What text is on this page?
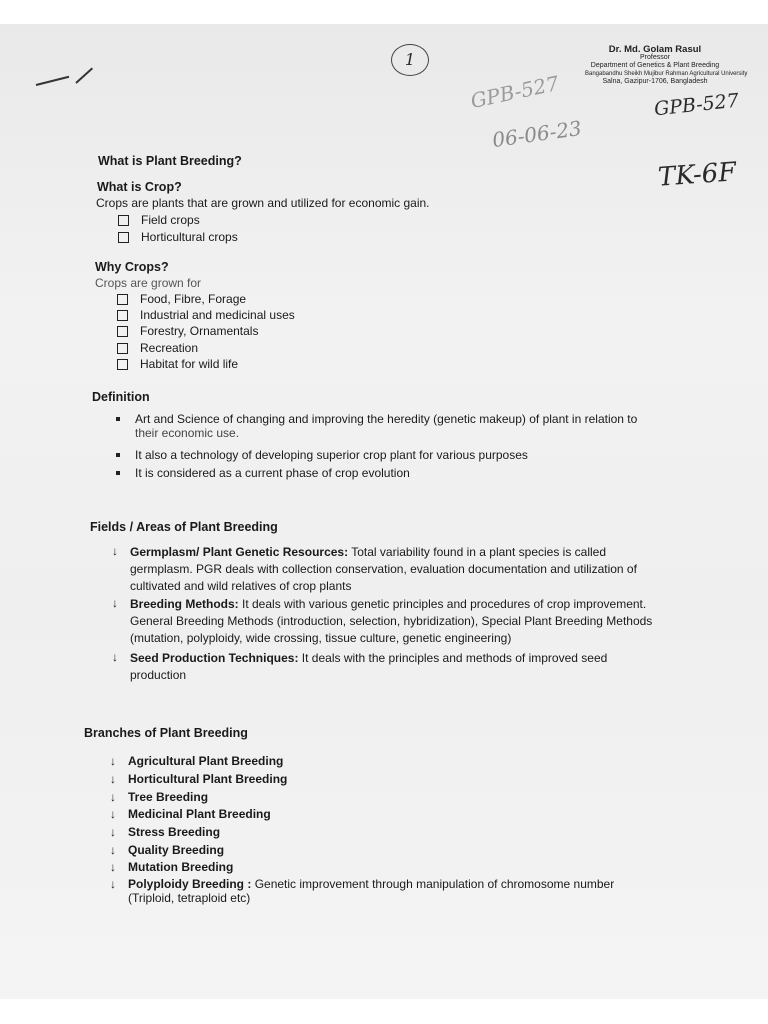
1
GPB-527
06-06-23
GPB-527
TK-6F
Dr. Md. Golam Rasul
Professor
Department of Genetics & Plant Breeding
Bangabandhu Sheikh Mujibur Rahman Agricultural University
Salna, Gazipur-1706, Bangladesh
What is Plant Breeding?
What is Crop?

Crops are plants that are grown and utilized for economic gain.

Field crops
Horticultural crops
Why Crops?

Crops are grown for

Food, Fibre, Forage
Industrial and medicinal uses
Forestry, Ornamentals
Recreation
Habitat for wild life
Definition
Art and Science of changing and improving the heredity (genetic makeup) of plant in relation to
their economic use.
It also a technology of developing superior crop plant for various purposes
It is considered as a current phase of crop evolution
Fields / Areas of Plant Breeding
↓	Germplasm/ Plant Genetic Resources: Total variability found in a plant species is called germplasm. PGR deals with collection conservation, evaluation documentation and utilization of cultivated and wild relatives of crop plants
↓	Breeding Methods: It deals with various genetic principles and procedures of crop improvement. General Breeding Methods (introduction, selection, hybridization), Special Plant Breeding Methods (mutation, polyploidy, wide crossing, tissue culture, genetic engineering)
↓	Seed Production Techniques: It deals with the principles and methods of improved seed production
Branches of Plant Breeding
↓	Agricultural Plant Breeding
↓	Horticultural Plant Breeding
↓	Tree Breeding
↓	Medicinal Plant Breeding
↓	Stress Breeding
↓	Quality Breeding
↓	Mutation Breeding
↓	Polyploidy Breeding : Genetic improvement through manipulation of chromosome number
(Triploid, tetraploid etc)
